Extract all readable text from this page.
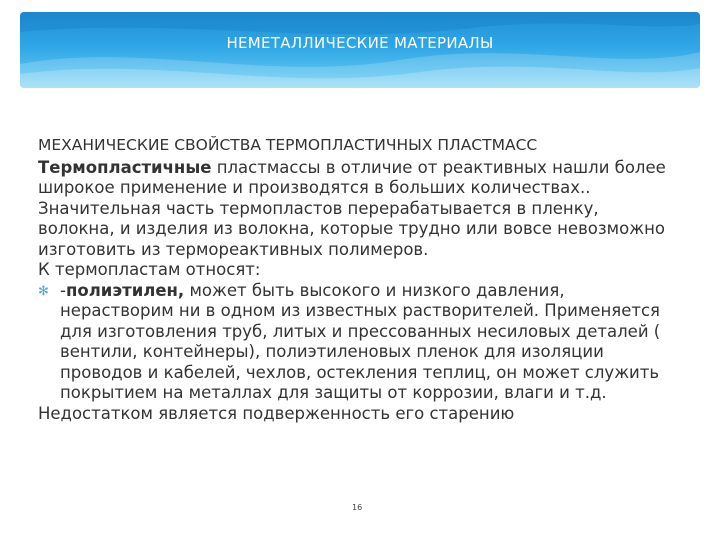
НЕМЕТАЛЛИЧЕСКИЕ МАТЕРИАЛЫ
МЕХАНИЧЕСКИЕ СВОЙСТВА ТЕРМОПЛАСТИЧНЫХ ПЛАСТМАСС

Термопластичные пластмассы в отличие от реактивных нашли более широкое применение и производятся в больших количествах.. Значительная часть термопластов перерабатывается в пленку, волокна, и изделия из волокна, которые трудно или вовсе невозможно изготовить из термореактивных полимеров.

К термопластам относят:

✻ -полиэтилен, может быть высокого и низкого давления, нерастворим ни в одном из известных растворителей. Применяется для изготовления труб, литых и прессованных несиловых деталей ( вентили, контейнеры), полиэтиленовых пленок для изоляции проводов и кабелей, чехлов, остекления теплиц, он может служить покрытием на металлах для защиты от коррозии, влаги и т.д.

Недостатком является подверженность его старению

16
